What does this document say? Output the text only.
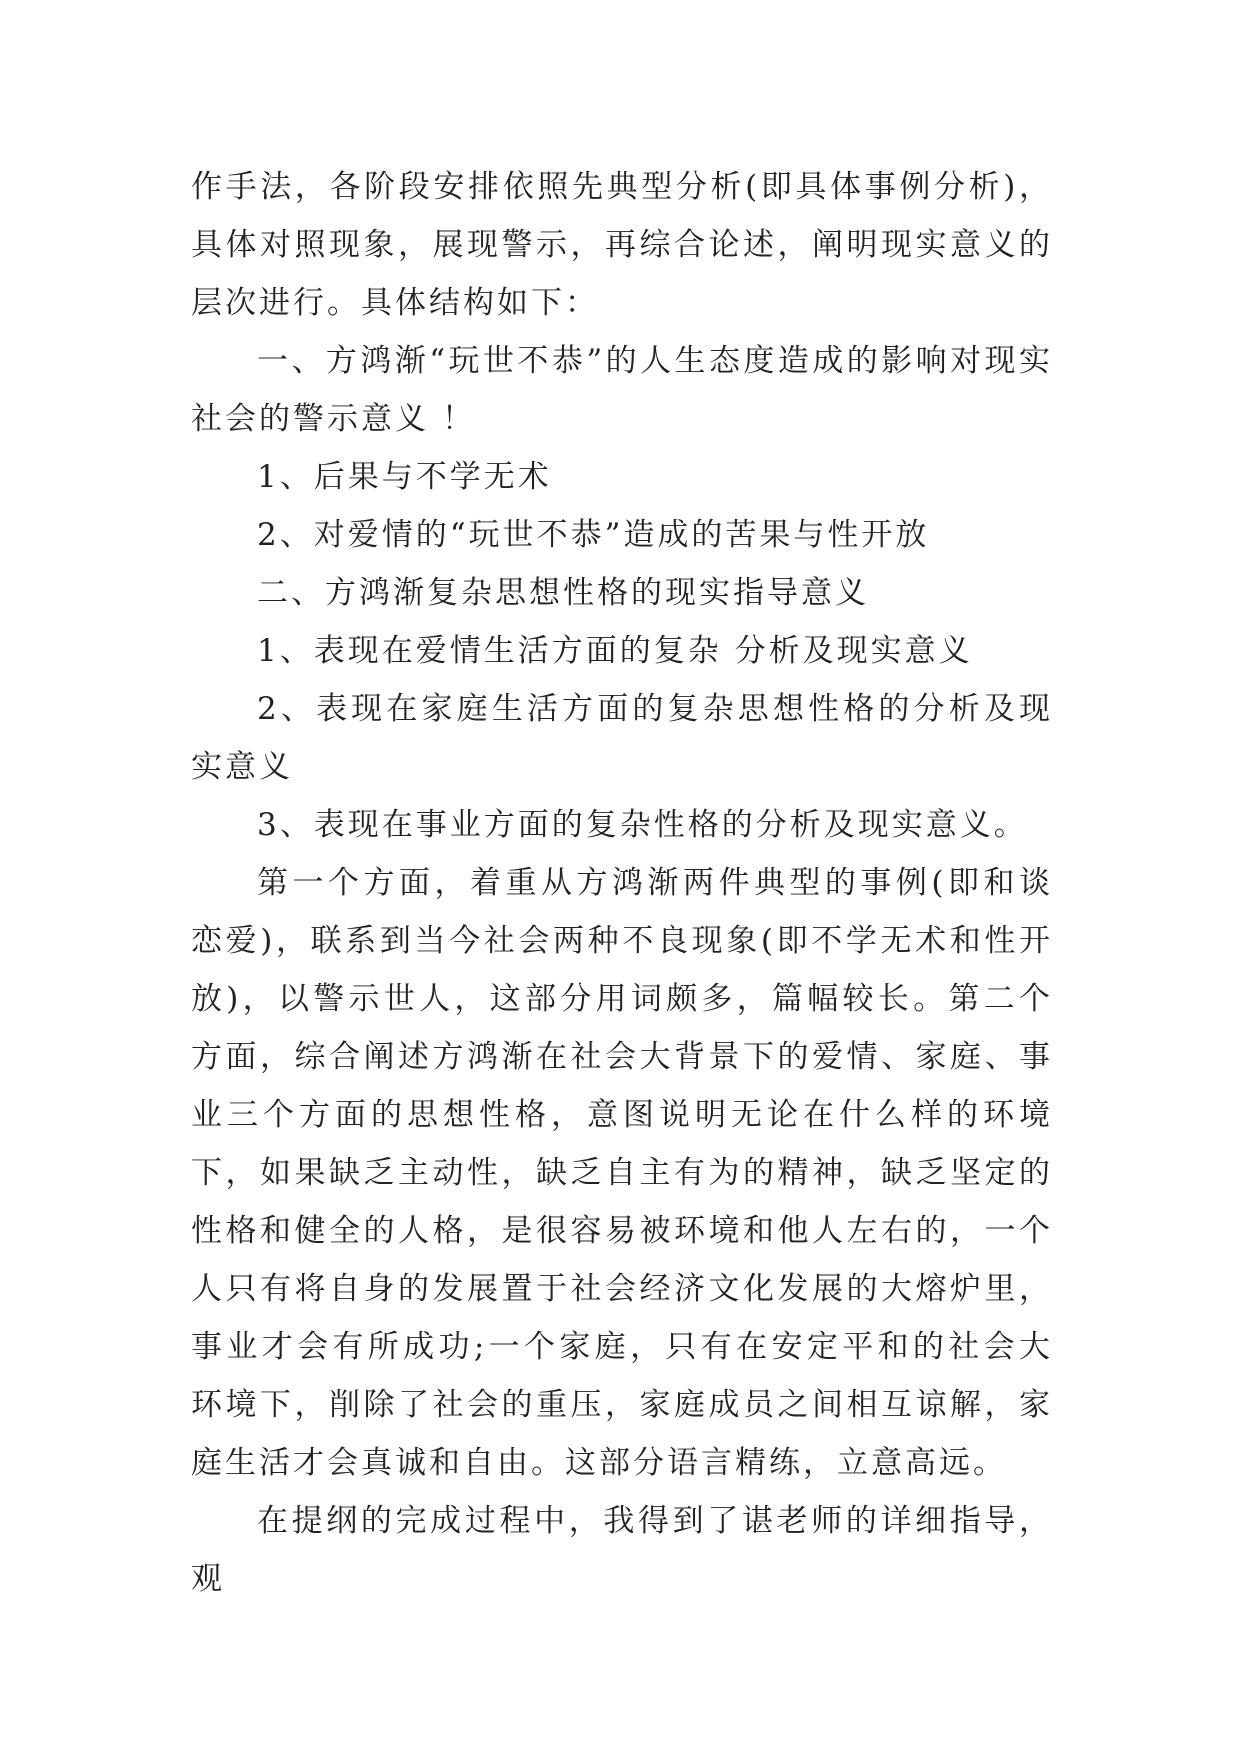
作手法，各阶段安排依照先典型分析(即具体事例分析)，具体对照现象，展现警示，再综合论述，阐明现实意义的层次进行。具体结构如下：

一、方鸿渐“玩世不恭”的人生态度造成的影响对现实社会的警示意义 ！

1、后果与不学无术

2、对爱情的“玩世不恭”造成的苦果与性开放

二、方鸿渐复杂思想性格的现实指导意义

1、表现在爱情生活方面的复杂 分析及现实意义

2、表现在家庭生活方面的复杂思想性格的分析及现实意义

3、表现在事业方面的复杂性格的分析及现实意义。

第一个方面，着重从方鸿渐两件典型的事例(即和谈恋爱)，联系到当今社会两种不良现象(即不学无术和性开放)，以警示世人，这部分用词颇多，篇幅较长。第二个方面，综合阐述方鸿渐在社会大背景下的爱情、家庭、事业三个方面的思想性格，意图说明无论在什么样的环境下，如果缺乏主动性，缺乏自主有为的精神，缺乏坚定的性格和健全的人格，是很容易被环境和他人左右的，一个人只有将自身的发展置于社会经济文化发展的大熔炉里，事业才会有所成功;一个家庭，只有在安定平和的社会大环境下，削除了社会的重压，家庭成员之间相互谅解，家庭生活才会真诚和自由。这部分语言精练，立意高远。

在提纲的完成过程中，我得到了谌老师的详细指导，观
